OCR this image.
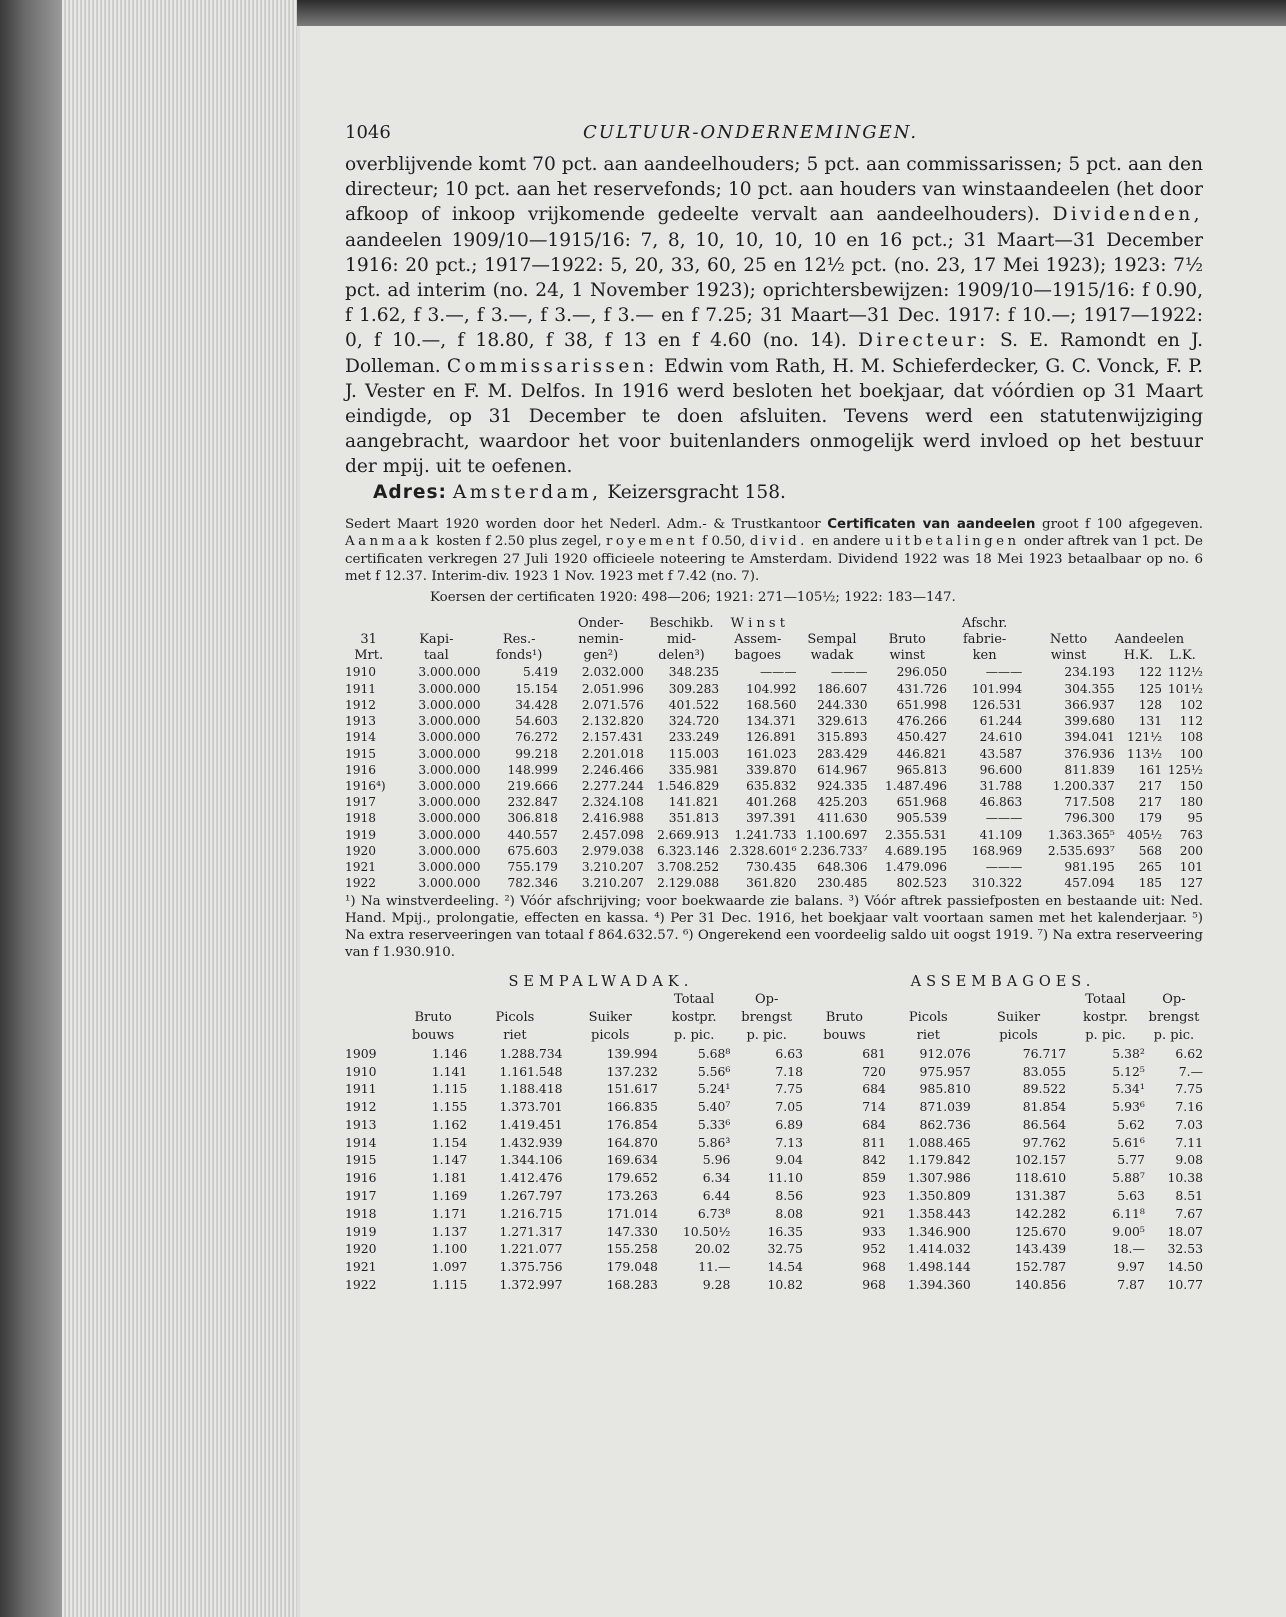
1046	CULTUUR-ONDERNEMINGEN.

overblijvende komt 70 pct. aan aandeelhouders; 5 pct. aan commissarissen; 5 pct. aan den directeur; 10 pct. aan het reservefonds; 10 pct. aan houders van winstaandeelen (het door afkoop of inkoop vrijkomende gedeelte vervalt aan aandeelhouders). Dividenden, aandeelen 1909/10—1915/16: 7, 8, 10, 10, 10, 10 en 16 pct.; 31 Maart—31 December 1916: 20 pct.; 1917—1922: 5, 20, 33, 60, 25 en 12½ pct. (no. 23, 17 Mei 1923); 1923: 7½ pct. ad interim (no. 24, 1 November 1923); oprichtersbewijzen: 1909/10—1915/16: f 0.90, f 1.62, f 3.—, f 3.—, f 3.—, f 3.— en f 7.25; 31 Maart—31 Dec. 1917: f 10.—; 1917—1922: 0, f 10.—, f 18.80, f 38, f 13 en f 4.60 (no. 14). Directeur: S. E. Ramondt en J. Dolleman. Commissarissen: Edwin vom Rath, H. M. Schieferdecker, G. C. Vonck, F. P. J. Vester en F. M. Delfos. In 1916 werd besloten het boekjaar, dat vóórdien op 31 Maart eindigde, op 31 December te doen afsluiten. Tevens werd een statutenwijziging aangebracht, waardoor het voor buitenlanders onmogelijk werd invloed op het bestuur der mpij. uit te oefenen.

Adres: Amsterdam, Keizersgracht 158.

Sedert Maart 1920 worden door het Nederl. Adm.- & Trustkantoor Certificaten van aandeelen groot f 100 afgegeven. Aanmaak kosten f 2.50 plus zegel, royement f 0.50, divid. en andere uitbetalingen onder aftrek van 1 pct. De certificaten verkregen 27 Juli 1920 officieele noteering te Amsterdam. Dividend 1922 was 18 Mei 1923 betaalbaar op no. 6 met f 12.37. Interim-div. 1923 1 Nov. 1923 met f 7.42 (no. 7).

Koersen der certificaten 1920: 498—206; 1921: 271—105½; 1922: 183—147.

			Onder-	Beschikb.	W i n s t			Afschr.			
31	Kapi-	Res.-	nemin-	mid-	Assem-	Sempal	Bruto	fabrie-	Netto	Aandeelen	
Mrt.	taal	fonds¹)	gen²)	delen³)	bagoes	wadak	winst	ken	winst	H.K.	L.K.
1910	3.000.000	5.419	2.032.000	348.235	———	———	296.050	———	234.193	122	112½
1911	3.000.000	15.154	2.051.996	309.283	104.992	186.607	431.726	101.994	304.355	125	101½
1912	3.000.000	34.428	2.071.576	401.522	168.560	244.330	651.998	126.531	366.937	128	102
1913	3.000.000	54.603	2.132.820	324.720	134.371	329.613	476.266	61.244	399.680	131	112
1914	3.000.000	76.272	2.157.431	233.249	126.891	315.893	450.427	24.610	394.041	121½	108
1915	3.000.000	99.218	2.201.018	115.003	161.023	283.429	446.821	43.587	376.936	113½	100
1916	3.000.000	148.999	2.246.466	335.981	339.870	614.967	965.813	96.600	811.839	161	125½
1916⁴)	3.000.000	219.666	2.277.244	1.546.829	635.832	924.335	1.487.496	31.788	1.200.337	217	150
1917	3.000.000	232.847	2.324.108	141.821	401.268	425.203	651.968	46.863	717.508	217	180
1918	3.000.000	306.818	2.416.988	351.813	397.391	411.630	905.539	———	796.300	179	95
1919	3.000.000	440.557	2.457.098	2.669.913	1.241.733	1.100.697	2.355.531	41.109	1.363.365⁵	405½	763
1920	3.000.000	675.603	2.979.038	6.323.146	2.328.601⁶	2.236.733⁷	4.689.195	168.969	2.535.693⁷	568	200
1921	3.000.000	755.179	3.210.207	3.708.252	730.435	648.306	1.479.096	———	981.195	265	101
1922	3.000.000	782.346	3.210.207	2.129.088	361.820	230.485	802.523	310.322	457.094	185	127

¹) Na winstverdeeling. ²) Vóór afschrijving; voor boekwaarde zie balans. ³) Vóór aftrek passiefposten en bestaande uit: Ned. Hand. Mpij., prolongatie, effecten en kassa. ⁴) Per 31 Dec. 1916, het boekjaar valt voortaan samen met het kalenderjaar. ⁵) Na extra reserveeringen van totaal f 864.632.57. ⁶) Ongerekend een voordeelig saldo uit oogst 1919. ⁷) Na extra reserveering van f 1.930.910.

	SEMPALWADAK.					ASSEMBAGOES.				
				Totaal	Op-				Totaal	Op-
	Bruto	Picols	Suiker	kostpr.	brengst	Bruto	Picols	Suiker	kostpr.	brengst
	bouws	riet	picols	p. pic.	p. pic.	bouws	riet	picols	p. pic.	p. pic.
1909	1.146	1.288.734	139.994	5.68⁸	6.63	681	912.076	76.717	5.38²	6.62
1910	1.141	1.161.548	137.232	5.56⁶	7.18	720	975.957	83.055	5.12⁵	7.—
1911	1.115	1.188.418	151.617	5.24¹	7.75	684	985.810	89.522	5.34¹	7.75
1912	1.155	1.373.701	166.835	5.40⁷	7.05	714	871.039	81.854	5.93⁶	7.16
1913	1.162	1.419.451	176.854	5.33⁶	6.89	684	862.736	86.564	5.62	7.03
1914	1.154	1.432.939	164.870	5.86³	7.13	811	1.088.465	97.762	5.61⁶	7.11
1915	1.147	1.344.106	169.634	5.96	9.04	842	1.179.842	102.157	5.77	9.08
1916	1.181	1.412.476	179.652	6.34	11.10	859	1.307.986	118.610	5.88⁷	10.38
1917	1.169	1.267.797	173.263	6.44	8.56	923	1.350.809	131.387	5.63	8.51
1918	1.171	1.216.715	171.014	6.73⁸	8.08	921	1.358.443	142.282	6.11⁸	7.67
1919	1.137	1.271.317	147.330	10.50½	16.35	933	1.346.900	125.670	9.00⁵	18.07
1920	1.100	1.221.077	155.258	20.02	32.75	952	1.414.032	143.439	18.—	32.53
1921	1.097	1.375.756	179.048	11.—	14.54	968	1.498.144	152.787	9.97	14.50
1922	1.115	1.372.997	168.283	9.28	10.82	968	1.394.360	140.856	7.87	10.77
